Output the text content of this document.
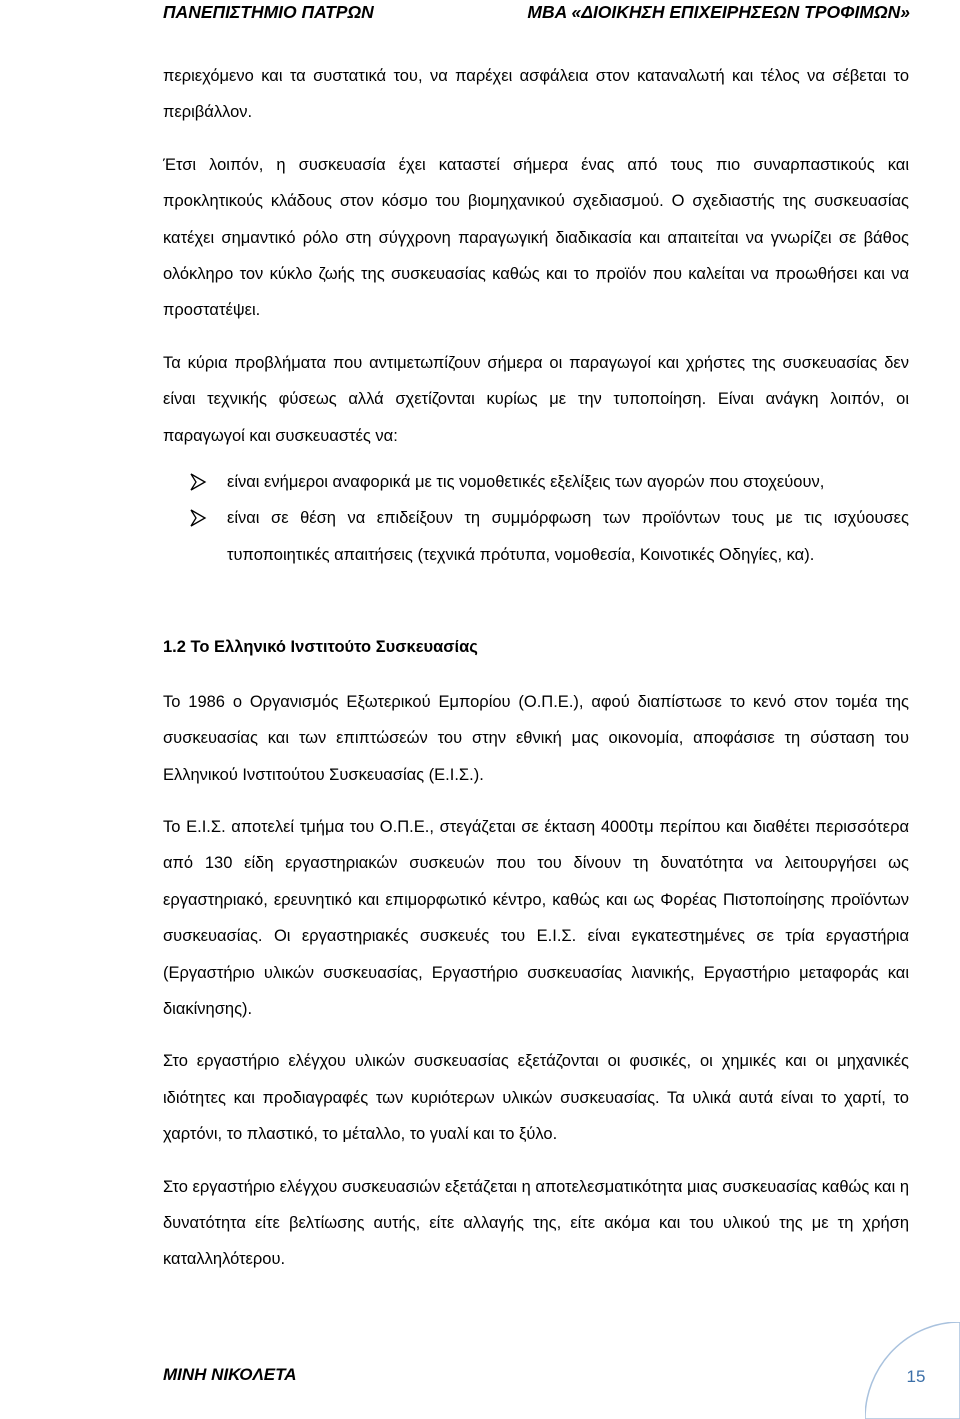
ΠΑΝΕΠΙΣΤΗΜΙΟ ΠΑΤΡΩΝ	MBA «ΔΙΟΙΚΗΣΗ ΕΠΙΧΕΙΡΗΣΕΩΝ ΤΡΟΦΙΜΩΝ»

περιεχόμενο και τα συστατικά του, να παρέχει ασφάλεια στον καταναλωτή και τέλος να σέβεται το περιβάλλον.

Έτσι λοιπόν, η συσκευασία έχει καταστεί σήμερα ένας από τους πιο συναρπαστικούς και προκλητικούς κλάδους στον κόσμο του βιομηχανικού σχεδιασμού. Ο σχεδιαστής της συσκευασίας κατέχει σημαντικό ρόλο στη σύγχρονη παραγωγική διαδικασία και απαιτείται να γνωρίζει σε βάθος ολόκληρο τον κύκλο ζωής της συσκευασίας καθώς και το προϊόν που καλείται να προωθήσει και να προστατέψει.

Τα κύρια προβλήματα που αντιμετωπίζουν σήμερα οι παραγωγοί και χρήστες της συσκευασίας δεν είναι τεχνικής φύσεως αλλά σχετίζονται κυρίως με την τυποποίηση. Είναι ανάγκη λοιπόν, οι παραγωγοί και συσκευαστές να:

είναι ενήμεροι αναφορικά με τις νομοθετικές εξελίξεις των αγορών που στοχεύουν,
είναι σε θέση να επιδείξουν τη συμμόρφωση των προϊόντων τους με τις ισχύουσες τυποποιητικές απαιτήσεις (τεχνικά πρότυπα, νομοθεσία, Κοινοτικές Οδηγίες, κα).
1.2 Το Ελληνικό Ινστιτούτο Συσκευασίας

Το 1986 ο Οργανισμός Εξωτερικού Εμπορίου (Ο.Π.Ε.), αφού διαπίστωσε το κενό στον τομέα της συσκευασίας και των επιπτώσεών του στην εθνική μας οικονομία, αποφάσισε τη σύσταση του Ελληνικού Ινστιτούτου Συσκευασίας (Ε.Ι.Σ.).

Το Ε.Ι.Σ. αποτελεί τμήμα του Ο.Π.Ε., στεγάζεται σε έκταση 4000τμ περίπου και διαθέτει περισσότερα από 130 είδη εργαστηριακών συσκευών που του δίνουν τη δυνατότητα να λειτουργήσει ως εργαστηριακό, ερευνητικό και επιμορφωτικό κέντρο, καθώς και ως Φορέας Πιστοποίησης προϊόντων συσκευασίας. Οι εργαστηριακές συσκευές του Ε.Ι.Σ. είναι εγκατεστημένες σε τρία εργαστήρια (Εργαστήριο υλικών συσκευασίας, Εργαστήριο συσκευασίας λιανικής, Εργαστήριο μεταφοράς και διακίνησης).

Στο εργαστήριο ελέγχου υλικών συσκευασίας εξετάζονται οι φυσικές, οι χημικές και οι μηχανικές ιδιότητες και προδιαγραφές των κυριότερων υλικών συσκευασίας. Τα υλικά αυτά είναι το χαρτί, το χαρτόνι, το πλαστικό, το μέταλλο, το γυαλί και το ξύλο.

Στο εργαστήριο ελέγχου συσκευασιών εξετάζεται η αποτελεσματικότητα μιας συσκευασίας καθώς και η δυνατότητα είτε βελτίωσης αυτής, είτε αλλαγής της, είτε ακόμα και του υλικού της με τη χρήση καταλληλότερου.

ΜΙΝΗ ΝΙΚΟΛΕΤΑ	15
